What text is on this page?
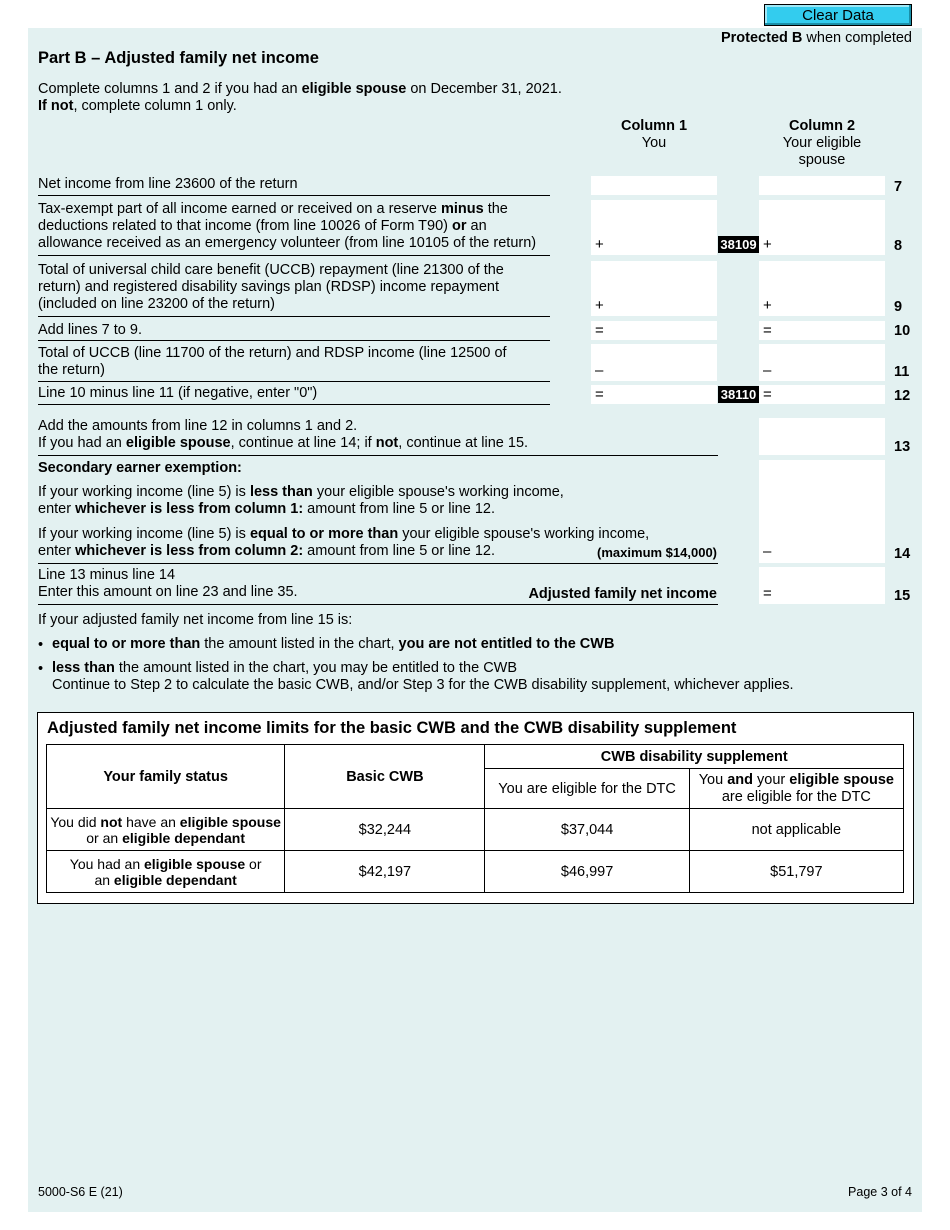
Clear Data
Protected B when completed
Part B – Adjusted family net income
Complete columns 1 and 2 if you had an eligible spouse on December 31, 2021.
If not, complete column 1 only.
Column 1
You
Column 2
Your eligible
spouse
Net income from line 23600 of the return	7
Tax-exempt part of all income earned or received on a reserve minus the
deductions related to that income (from line 10026 of Form T90) or an
allowance received as an emergency volunteer (from line 10105 of the return)	+	38109 +	8
Total of universal child care benefit (UCCB) repayment (line 21300 of the
return) and registered disability savings plan (RDSP) income repayment
(included on line 23200 of the return)	+	+	9
Add lines 7 to 9.	=	=	10
Total of UCCB (line 11700 of the return) and RDSP income (line 12500 of
the return)	–	–	11
Line 10 minus line 11 (if negative, enter "0")	=	38110 =	12
Add the amounts from line 12 in columns 1 and 2.
If you had an eligible spouse, continue at line 14; if not, continue at line 15.	13
Secondary earner exemption:
If your working income (line 5) is less than your eligible spouse's working income,
enter whichever is less from column 1: amount from line 5 or line 12.
If your working income (line 5) is equal to or more than your eligible spouse's working income,
enter whichever is less from column 2: amount from line 5 or line 12.	(maximum $14,000)	–	14
Line 13 minus line 14
Enter this amount on line 23 and line 35.	Adjusted family net income	=	15
If your adjusted family net income from line 15 is:
• equal to or more than the amount listed in the chart, you are not entitled to the CWB
• less than the amount listed in the chart, you may be entitled to the CWB
Continue to Step 2 to calculate the basic CWB, and/or Step 3 for the CWB disability supplement, whichever applies.
Adjusted family net income limits for the basic CWB and the CWB disability supplement
Your family status	Basic CWB	CWB disability supplement	
		You are eligible for the DTC	You and your eligible spouse
are eligible for the DTC
You did not have an eligible spouse
or an eligible dependant	$32,244	$37,044	not applicable
You had an eligible spouse or
an eligible dependant	$42,197	$46,997	$51,797
5000-S6 E (21)	Page 3 of 4
